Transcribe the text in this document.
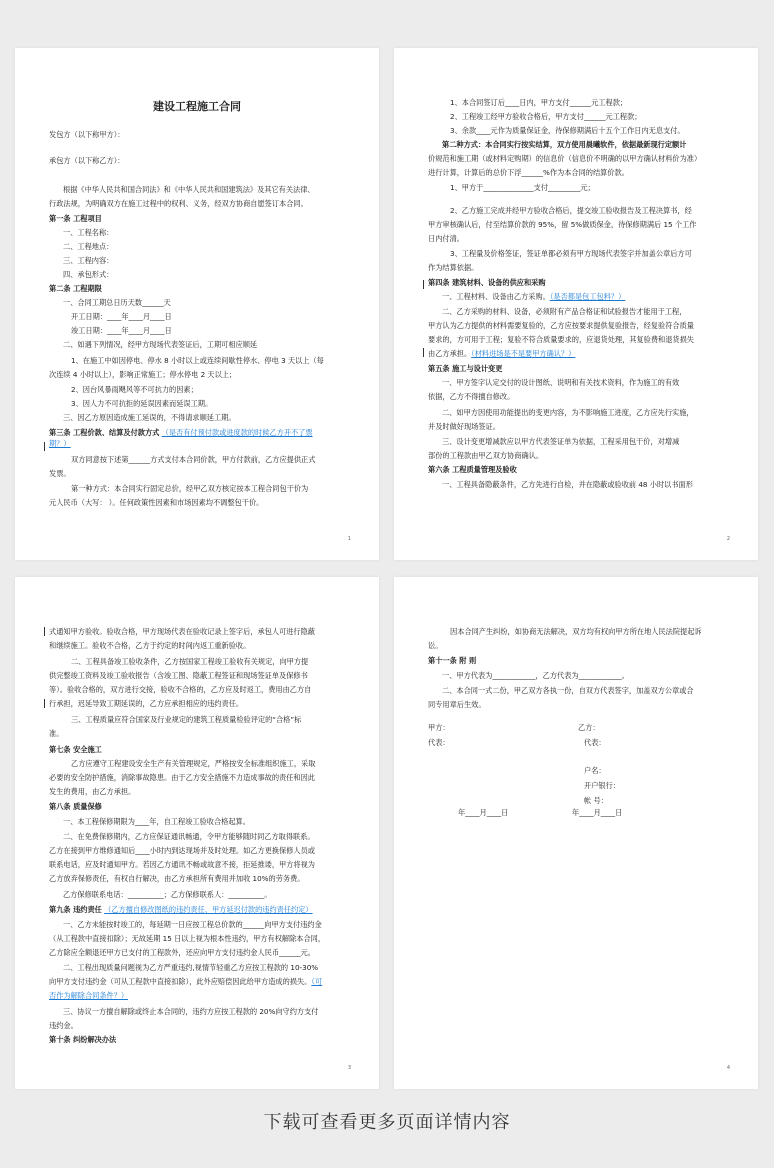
建设工程施工合同
发包方（以下称甲方）：
承包方（以下称乙方）：
根据《中华人民共和国合同法》和《中华人民共和国建筑法》及其它有关法律、
行政法规，为明确双方在施工过程中的权利、义务，经双方协商自愿签订本合同。
第一条 工程项目
一、工程名称：
二、工程地点：
三、工程内容：
四、承包形式：
第二条 工程期限
一、合同工期总日历天数______天
开工日期：____年____月____日
竣工日期：____年____月____日
二、如遇下列情况，经甲方现场代表签证后，工期可相应顺延
1、在施工中如因停电、停水 8 小时以上或连续间歇性停水、停电 3 天以上（每
次连续 4 小时以上），影响正常施工；停水停电 2 天以上；
2、因台风暴雨飓风等不可抗力的因素；
3、因人力不可抗拒的延误因素而延误工期。
三、因乙方原因造成施工延误的，不得请求顺延工期。
第三条 工程价款、结算及付款方式 （是否有付预付款或进度款的时候乙方开不了票
期？）
双方同意按下述第______方式支付本合同价款，甲方付款前，乙方应提供正式
发票。
第一种方式：本合同实行固定总价，经甲乙双方核定按本工程合同包干价为
元人民币（大写： ）。任何政策性因素和市场因素均不调整包干价。
1
1、本合同签订后____日内，甲方支付______元工程款；
2、工程竣工经甲方验收合格后，甲方支付______元工程款；
3、余款____元作为质量保证金，待保修期满后十五个工作日内无息支付。
第二种方式：本合同实行按实结算，双方使用晨曦软件，依据最新现行定额计
价规范和施工期（或材料定购期）的信息价（信息价不明确的以甲方确认材料价为准）
进行计算，计算后的总价下浮______%作为本合同的结算价款。
1、甲方于______________支付_________元；
2、乙方施工完成并经甲方验收合格后，提交竣工验收报告及工程决算书，经
甲方审核确认后，付至结算价款的 95%，留 5%做质保金，待保修期满后 15 个工作
日内付清。
3、工程量及价格签证，签证单都必须有甲方现场代表签字并加盖公章后方可
作为结算依据。
第四条 建筑材料、设备的供应和采购
一、工程材料、设备由乙方采购。（是否都是包工包料？）
二、乙方采购的材料、设备，必须附有产品合格证和试验报告才能用于工程，
甲方认为乙方提供的材料需要复验的，乙方应按要求提供复验报告，经复验符合质量
要求的，方可用于工程；复验不符合质量要求的，应退货处理，其复验费和退货损失
由乙方承担。（材料进场是不是要甲方确认？）
第五条 施工与设计变更
一、甲方签字认定交付的设计图纸、说明和有关技术资料，作为施工的有效
依据，乙方不得擅自修改。
二、如甲方因使用功能提出的变更内容，为不影响施工进度，乙方应先行实施，
并及时做好现场签证。
三、设计变更增减款应以甲方代表签证单为依据，工程采用包干价，对增减
部份的工程款由甲乙双方协商确认。
第六条 工程质量管理及验收
一、工程具备隐蔽条件，乙方先进行自检，并在隐蔽或验收前 48 小时以书面形
2
式通知甲方验收。验收合格，甲方现场代表在验收记录上签字后，承包人可进行隐蔽
和继续施工。验收不合格，乙方于约定的时间内返工重新验收。
二、工程具备竣工验收条件，乙方按国家工程竣工验收有关规定，向甲方提
供完整竣工资料及竣工验收报告（含竣工图、隐蔽工程签证和现场签证单及保修书
等）。验收合格的，双方进行交接，验收不合格的，乙方应及时返工，费用由乙方自
行承担，迟延导致工期延误的，乙方应承担相应的违约责任。
三、工程质量应符合国家及行业规定的建筑工程质量检验评定的“合格”标
准。
第七条 安全施工
乙方应遵守工程建设安全生产有关管理规定，严格按安全标准组织施工，采取
必要的安全防护措施，消除事故隐患。由于乙方安全措施不力造成事故的责任和因此
发生的费用，由乙方承担。
第八条 质量保修
一、本工程保修期限为____年，自工程竣工验收合格起算。
二、在免费保修期内，乙方应保证通讯畅通，令甲方能够随时同乙方取得联系。
乙方在接到甲方维修通知后____小时内到达现场并及时处理。如乙方更换保修人员或
联系电话，应及时通知甲方。若因乙方通讯不畅或故意不接，拒延推诿，甲方将视为
乙方放弃保修责任，有权自行解决，由乙方承担所有费用并加收 10%的劳务费。
乙方保修联系电话：__________；乙方保修联系人：__________。
第九条 违约责任 （乙方擅自修改图纸的违约责任、甲方延迟付款的违约责任约定）
一、乙方未能按时竣工的，每延期一日应按工程总价款的______向甲方支付违约金
（从工程款中直接扣除）；无故延期 15 日以上视为根本性违约，甲方有权解除本合同，
乙方除应全额退还甲方已支付的工程款外，还应向甲方支付违约金人民币______元。
二、工程出现质量问题视为乙方严重违约,视情节轻重乙方应按工程款的 10-30%
向甲方支付违约金（可从工程款中直接扣除），此外应赔偿因此给甲方造成的损失。（可
否作为解除合同条件？）
三、协议一方擅自解除或终止本合同的，违约方应按工程款的 20%向守约方支付
违约金。
第十条 纠纷解决办法
3
因本合同产生纠纷，如协商无法解决，双方均有权向甲方所在地人民法院提起诉
讼。
第十一条 附 则
一、甲方代表为____________，乙方代表为____________。
二、本合同一式二份，甲乙双方各执一份，自双方代表签字，加盖双方公章或合
同专用章后生效。
甲方：	乙方：
代表：	代表：
户名：
开户银行：
帐 号：
年____月____日	年____月____日
4
下载可查看更多页面详情内容
